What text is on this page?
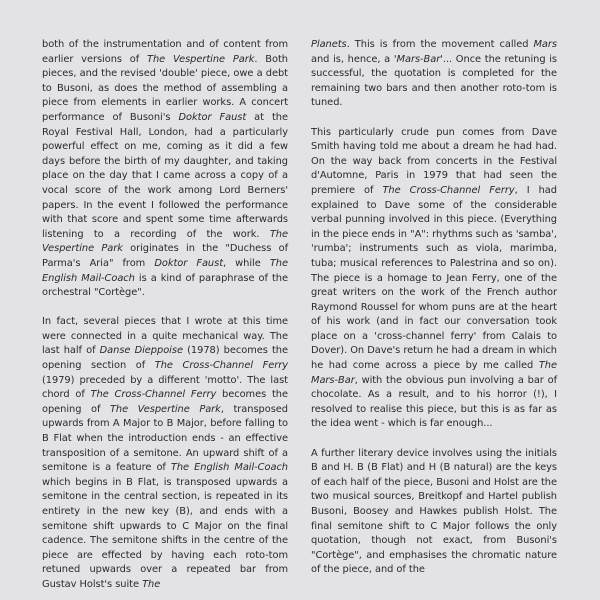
both of the instrumentation and of content from earlier versions of The Vespertine Park. Both pieces, and the revised 'double' piece, owe a debt to Busoni, as does the method of assembling a piece from elements in earlier works. A concert performance of Busoni's Doktor Faust at the Royal Festival Hall, London, had a particularly powerful effect on me, coming as it did a few days before the birth of my daughter, and taking place on the day that I came across a copy of a vocal score of the work among Lord Berners' papers. In the event I followed the performance with that score and spent some time afterwards listening to a recording of the work. The Vespertine Park originates in the "Duchess of Parma's Aria" from Doktor Faust, while The English Mail-Coach is a kind of paraphrase of the orchestral "Cortège".

In fact, several pieces that I wrote at this time were connected in a quite mechanical way. The last half of Danse Dieppoise (1978) becomes the opening section of The Cross-Channel Ferry (1979) preceded by a different 'motto'. The last chord of The Cross-Channel Ferry becomes the opening of The Vespertine Park, transposed upwards from A Major to B Major, before falling to B Flat when the introduction ends - an effective transposition of a semitone. An upward shift of a semitone is a feature of The English Mail-Coach which begins in B Flat, is transposed upwards a semitone in the central section, is repeated in its entirety in the new key (B), and ends with a semitone shift upwards to C Major on the final cadence. The semitone shifts in the centre of the piece are effected by having each roto-tom retuned upwards over a repeated bar from Gustav Holst's suite The

Planets. This is from the movement called Mars and is, hence, a 'Mars-Bar'... Once the retuning is successful, the quotation is completed for the remaining two bars and then another roto-tom is tuned.

This particularly crude pun comes from Dave Smith having told me about a dream he had had. On the way back from concerts in the Festival d'Automne, Paris in 1979 that had seen the premiere of The Cross-Channel Ferry, I had explained to Dave some of the considerable verbal punning involved in this piece. (Everything in the piece ends in "A": rhythms such as 'samba', 'rumba'; instruments such as viola, marimba, tuba; musical references to Palestrina and so on). The piece is a homage to Jean Ferry, one of the great writers on the work of the French author Raymond Roussel for whom puns are at the heart of his work (and in fact our conversation took place on a 'cross-channel ferry' from Calais to Dover). On Dave's return he had a dream in which he had come across a piece by me called The Mars-Bar, with the obvious pun involving a bar of chocolate. As a result, and to his horror (!), I resolved to realise this piece, but this is as far as the idea went - which is far enough...

A further literary device involves using the initials B and H. B (B Flat) and H (B natural) are the keys of each half of the piece, Busoni and Holst are the two musical sources, Breitkopf and Hartel publish Busoni, Boosey and Hawkes publish Holst. The final semitone shift to C Major follows the only quotation, though not exact, from Busoni's "Cortège", and emphasises the chromatic nature of the piece, and of the
